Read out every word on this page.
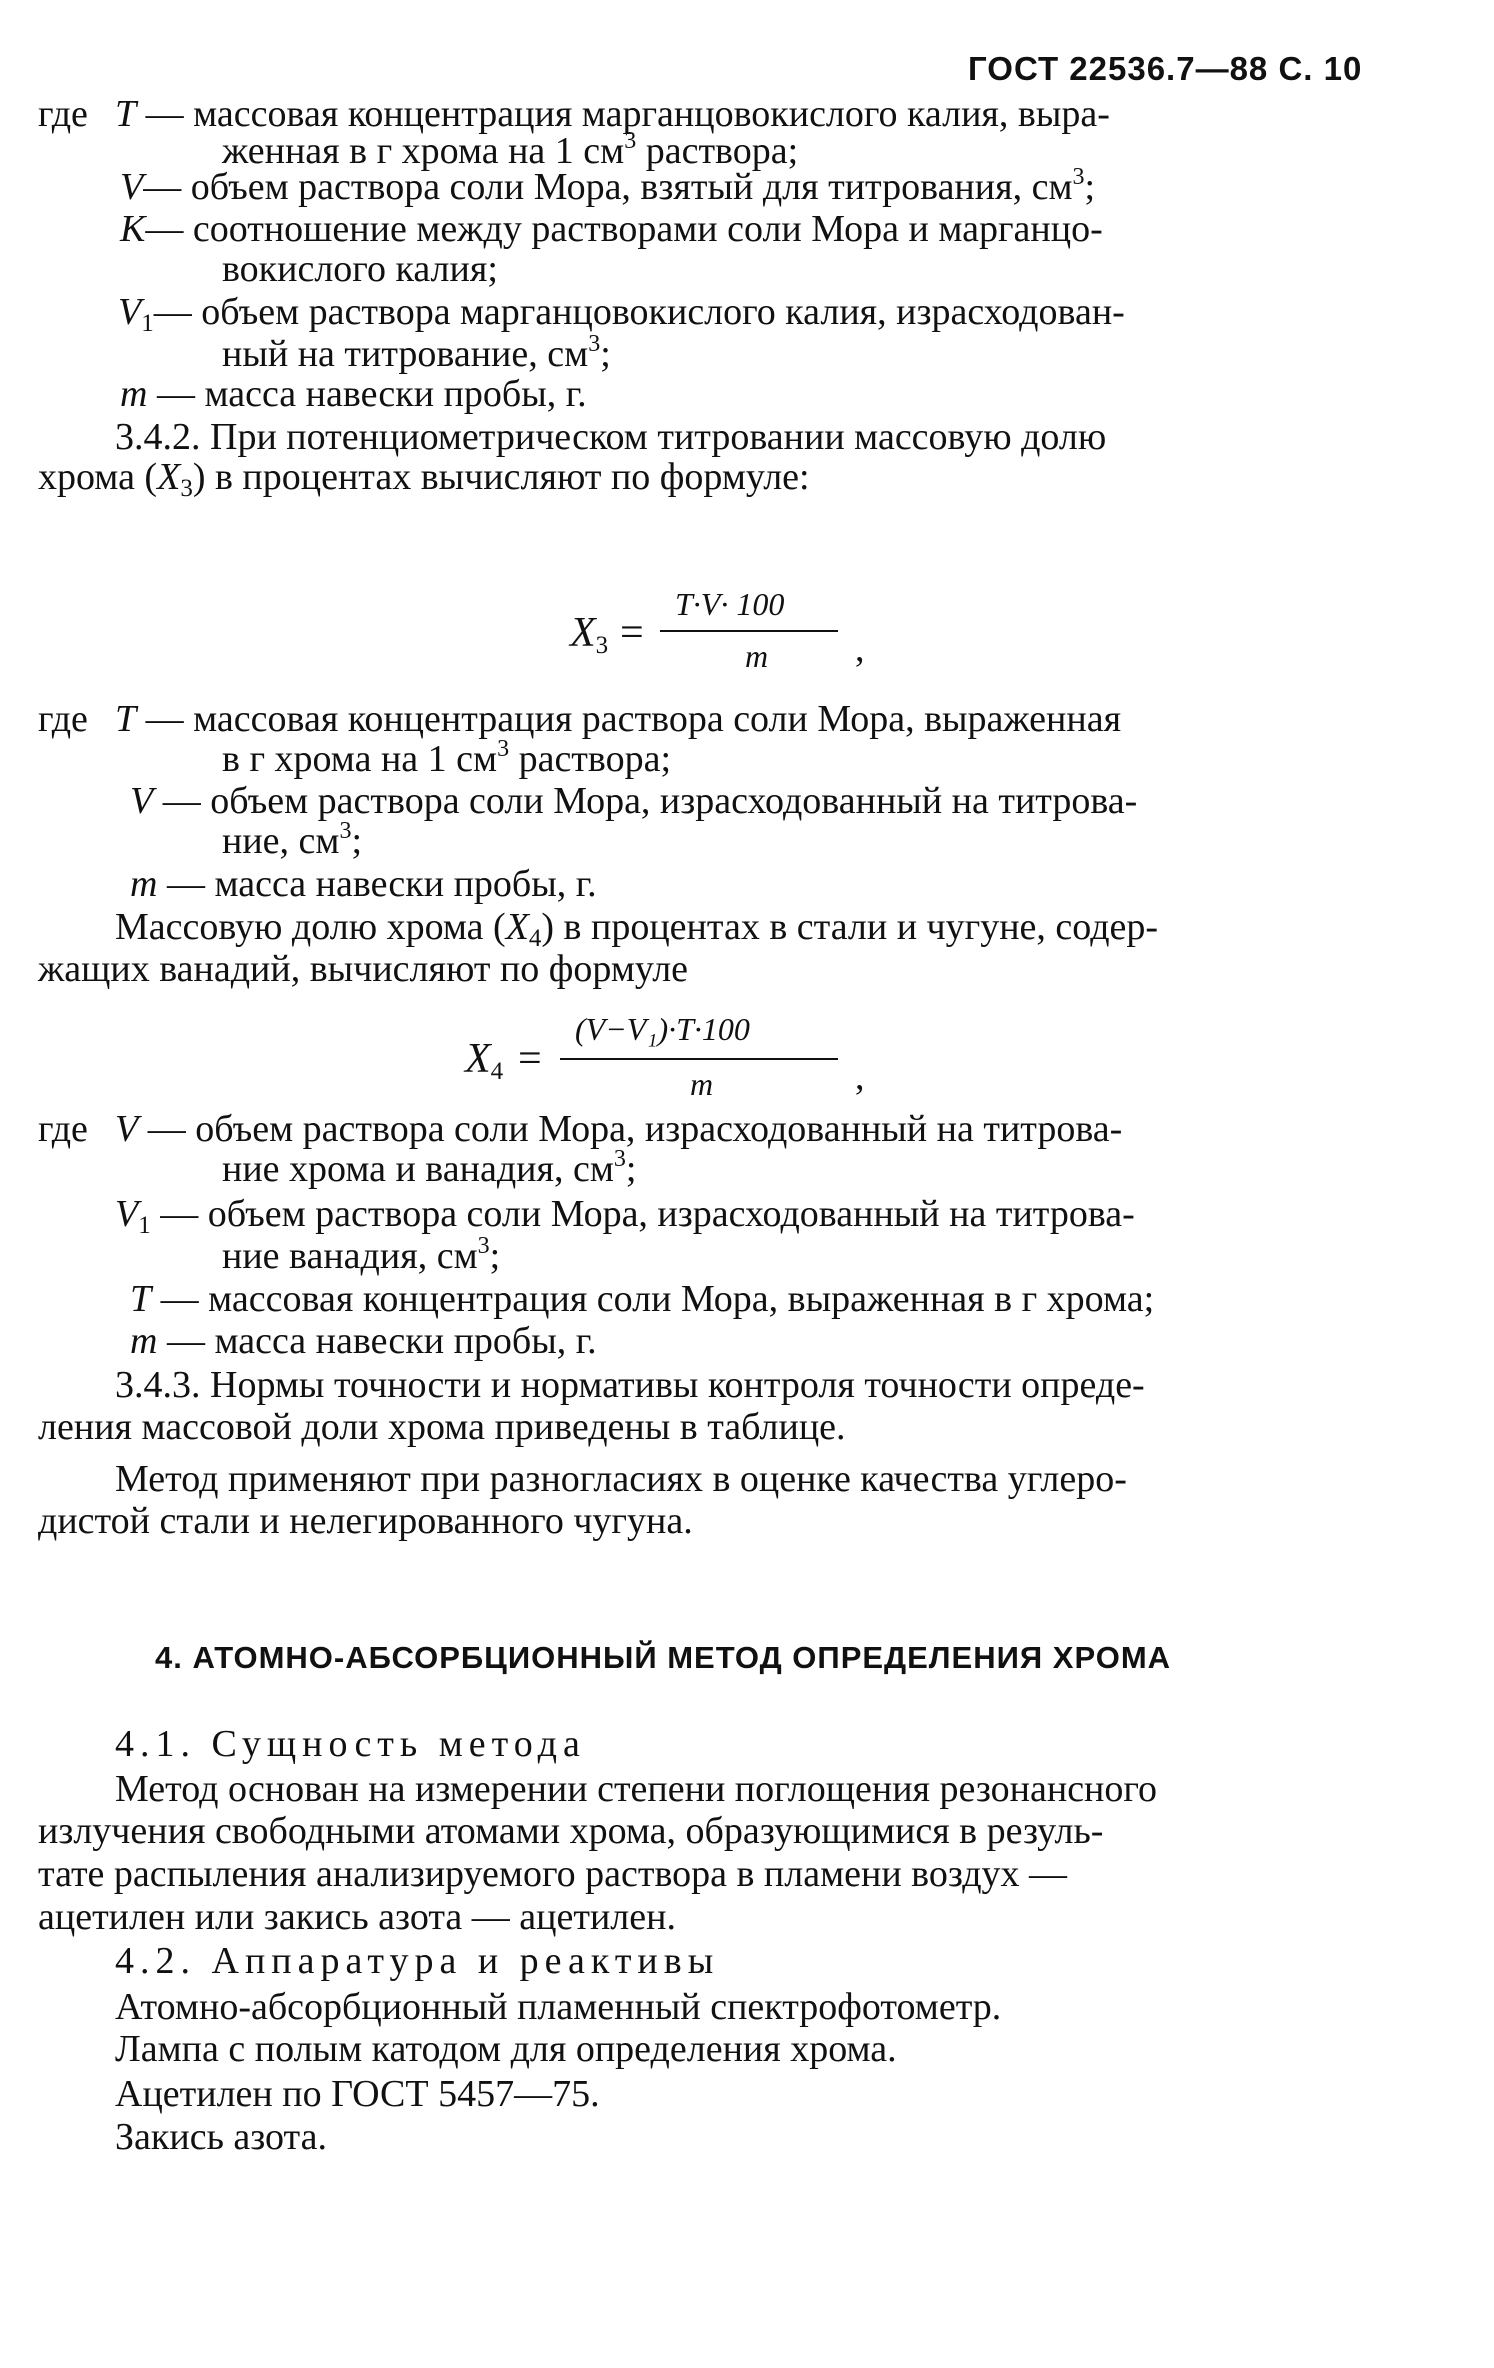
ГОСТ 22536.7—88 С. 10
где T — массовая концентрация марганцовокислого калия, выра-
женная в г хрома на 1 $см^3$ раствора;
V— объем раствора соли Мора, взятый для титрования, $см^3$;
K— соотношение между растворами соли Мора и марганцо-
вокислого калия;
$V_1—$ объем раствора марганцовокислого калия, израсходован-
ный на титрование, $см^3$;
m — масса навески пробы, г.
3.4.2. При потенциометрическом титровании массовую долю
хрома $(X_3)$ в процентах вычисляют по формуле:
$X_3$ =
T·V· 100
m ,
где T — массовая концентрация раствора соли Мора, выраженная
в г хрома на 1 $см^3$ раствора;
V — объем раствора соли Мора, израсходованный на титрова-
ние, $см^3$;
m — масса навески пробы, г.
Массовую долю хрома $(X_4)$ в процентах в стали и чугуне, содер-
жащих ванадий, вычисляют по формуле
$X_4$ =
(V−V₁)·T·100
m	,
где V — объем раствора соли Мора, израсходованный на титрова-
ние хрома и ванадия, $см^3$;
$V_1$ — объем раствора соли Мора, израсходованный на титрова-
ние ванадия, $см^3$;
T — массовая концентрация соли Мора, выраженная в г хрома;
m — масса навески пробы, г.
3.4.3. Нормы точности и нормативы контроля точности опреде-
ления массовой доли хрома приведены в таблице.
Метод применяют при разногласиях в оценке качества углеро-
дистой стали и нелегированного чугуна.
4. АТОМНО-АБСОРБЦИОННЫЙ МЕТОД ОПРЕДЕЛЕНИЯ ХРОМА
4.1. Сущность метода
Метод основан на измерении степени поглощения резонансного
излучения свободными атомами хрома, образующимися в резуль-
тате распыления анализируемого раствора в пламени воздух —
ацетилен или закись азота — ацетилен.
4.2. Аппаратура и реактивы
Атомно-абсорбционный пламенный спектрофотометр.
Лампа с полым катодом для определения хрома.
Ацетилен по ГОСТ 5457—75.
Закись азота.
